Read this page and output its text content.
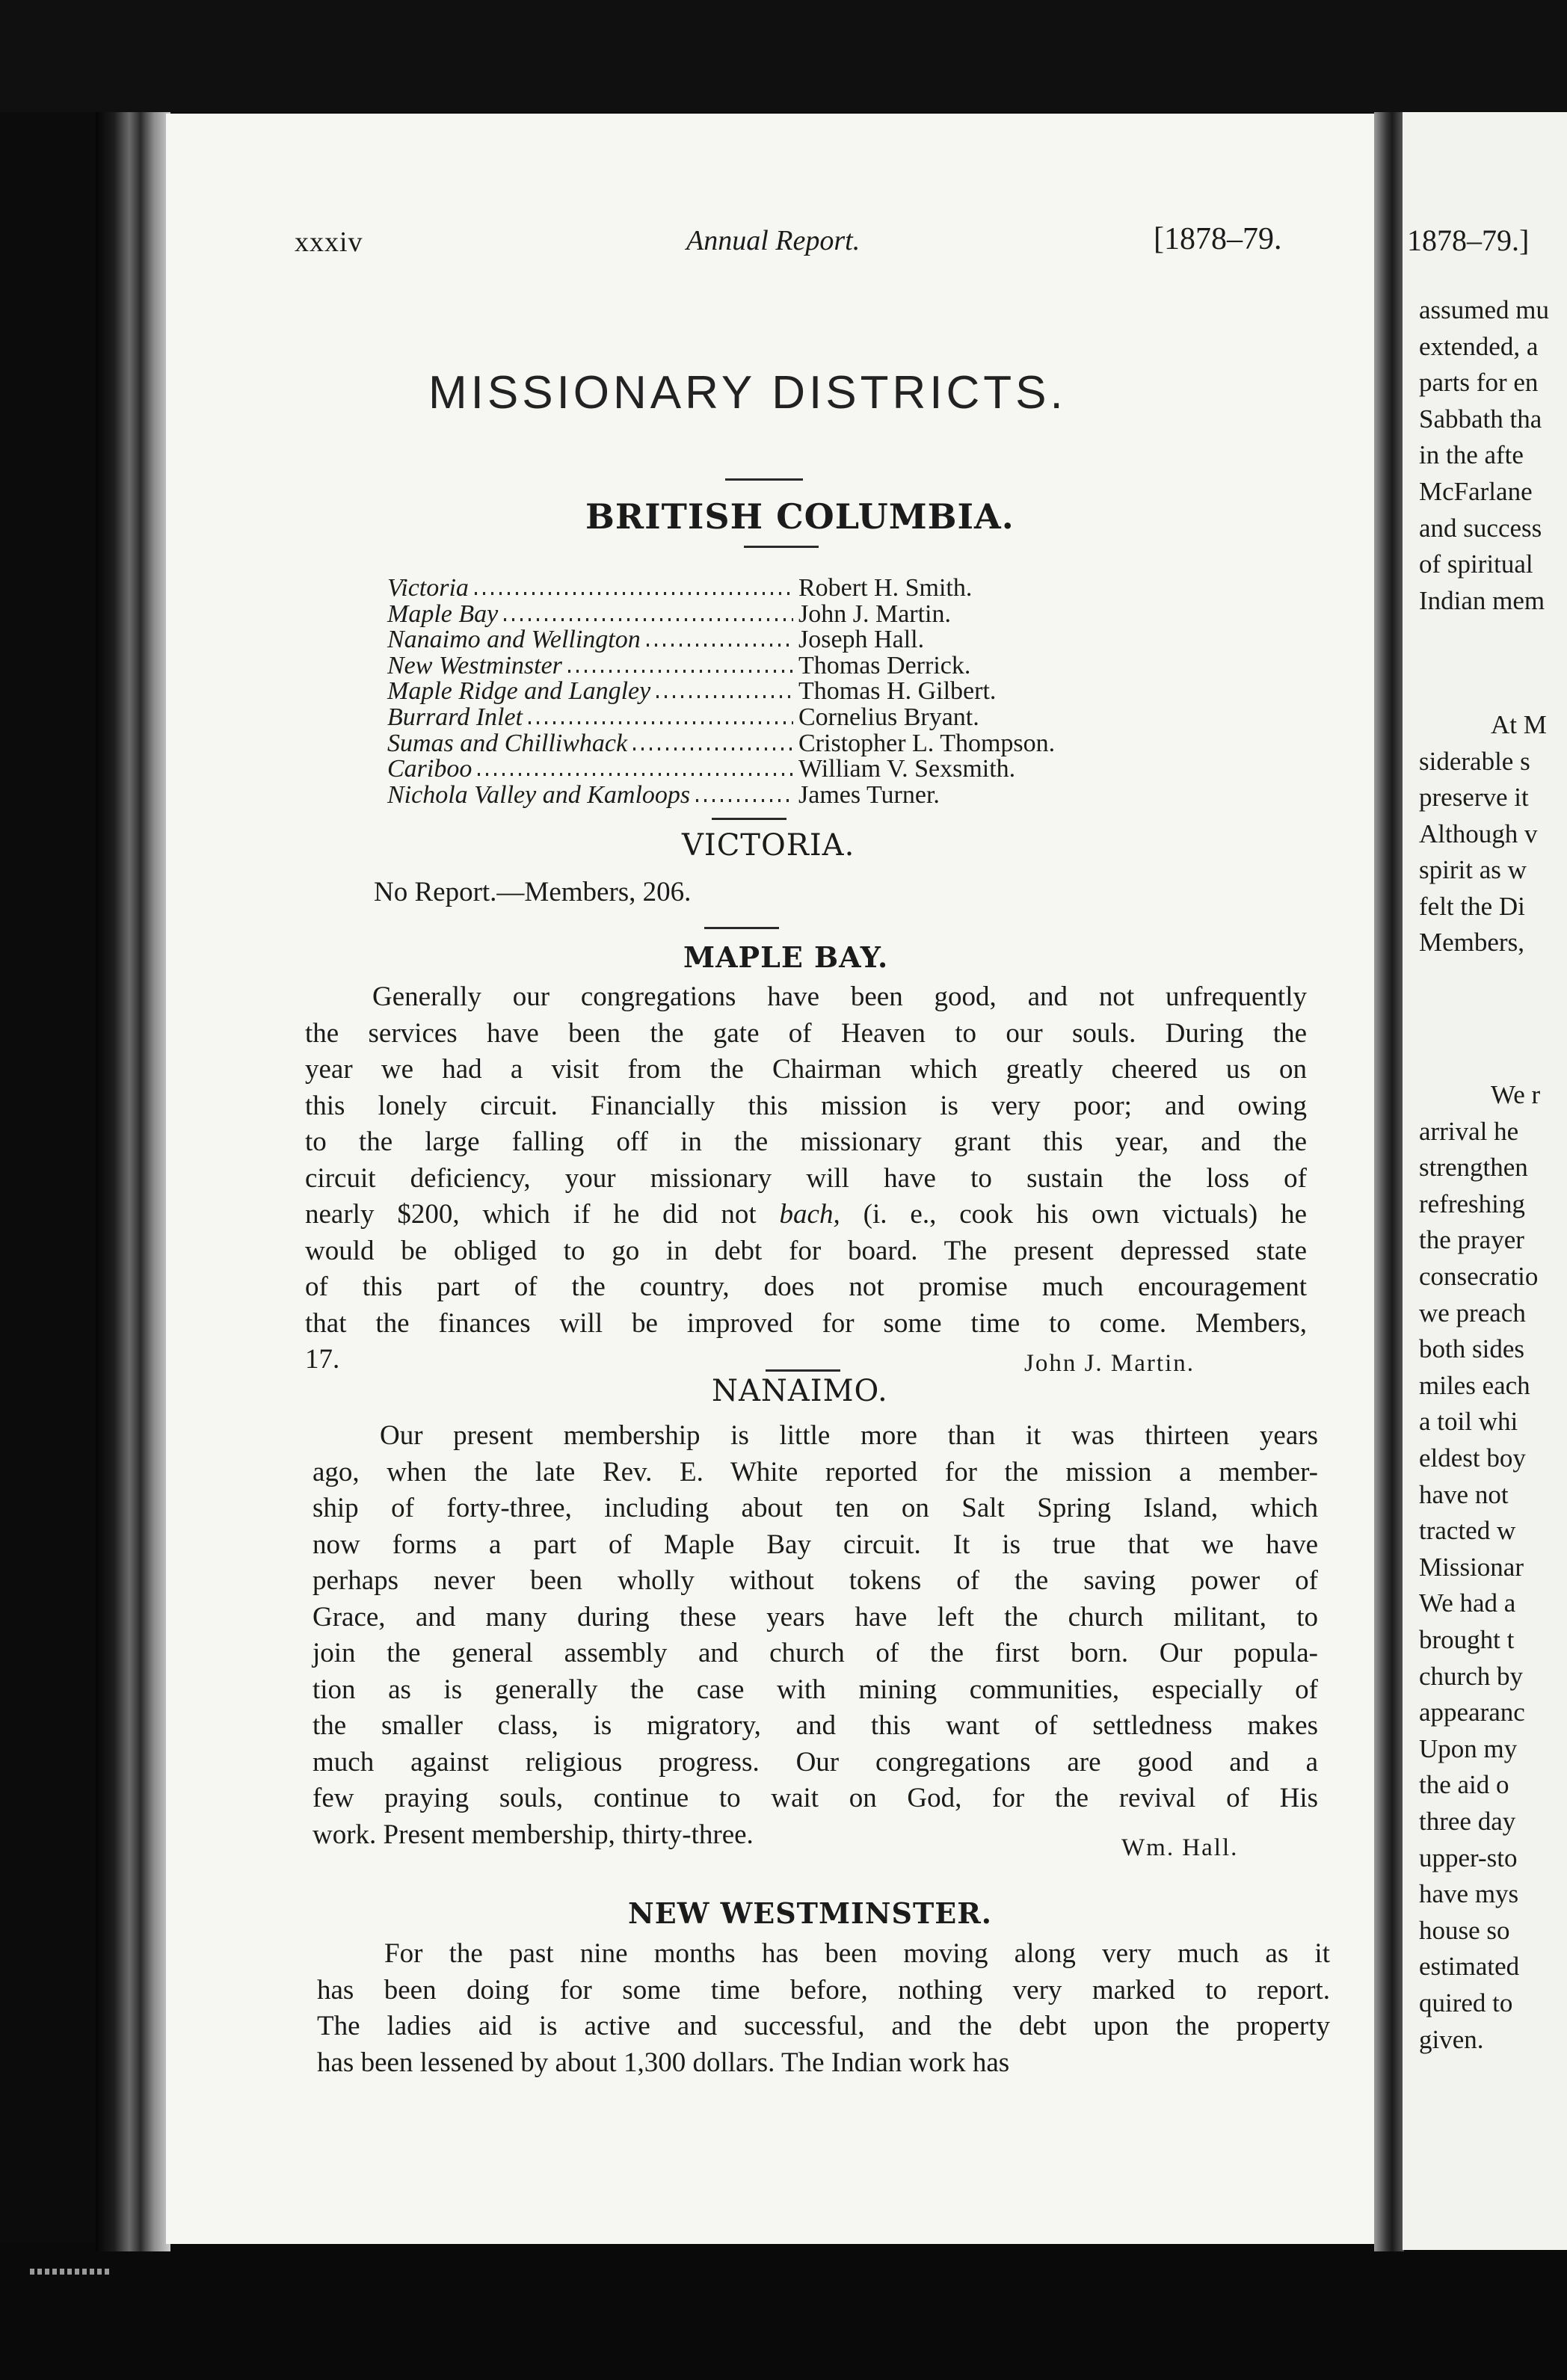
xxxiv	Annual Report.	[1878–79.
MISSIONARY DISTRICTS.
BRITISH COLUMBIA.
Victoria	Robert H. Smith.
Maple Bay	John J. Martin.
Nanaimo and Wellington	Joseph Hall.
New Westminster	Thomas Derrick.
Maple Ridge and Langley	Thomas H. Gilbert.
Burrard Inlet	Cornelius Bryant.
Sumas and Chilliwhack	Cristopher L. Thompson.
Cariboo	William V. Sexsmith.
Nichola Valley and Kamloops	James Turner.
VICTORIA.
No Report.—Members, 206.
MAPLE BAY.
Generally our congregations have been good, and not unfrequently
the services have been the gate of Heaven to our souls. During the
year we had a visit from the Chairman which greatly cheered us on
this lonely circuit. Financially this mission is very poor; and owing
to the large falling off in the missionary grant this year, and the
circuit deficiency, your missionary will have to sustain the loss of
nearly $200, which if he did not bach, (i. e., cook his own victuals) he
would be obliged to go in debt for board. The present depressed state
of this part of the country, does not promise much encouragement
that the finances will be improved for some time to come. Members,
17.	John J. Martin.
NANAIMO.
Our present membership is little more than it was thirteen years
ago, when the late Rev. E. White reported for the mission a member-
ship of forty-three, including about ten on Salt Spring Island, which
now forms a part of Maple Bay circuit. It is true that we have
perhaps never been wholly without tokens of the saving power of
Grace, and many during these years have left the church militant, to
join the general assembly and church of the first born. Our popula-
tion as is generally the case with mining communities, especially of
the smaller class, is migratory, and this want of settledness makes
much against religious progress. Our congregations are good and a
few praying souls, continue to wait on God, for the revival of His
work. Present membership, thirty-three.	Wm. Hall.
NEW WESTMINSTER.
For the past nine months has been moving along very much as it
has been doing for some time before, nothing very marked to report.
The ladies aid is active and successful, and the debt upon the property
has been lessened by about 1,300 dollars. The Indian work has
1878–79.]
assumed mu
extended, a
parts for en
Sabbath tha
in the afte
McFarlane
and success
of spiritual
Indian mem
At M
siderable s
preserve it
Although v
spirit as w
felt the Di
Members,
We r
arrival he
strengthen
refreshing
the prayer
consecratio
we preach
both sides
miles each
a toil whi
eldest boy
have not
tracted w
Missionar
We had a
brought t
church by
appearanc
Upon my
the aid o
three day
upper-sto
have mys
house so
estimated
quired to
given.
